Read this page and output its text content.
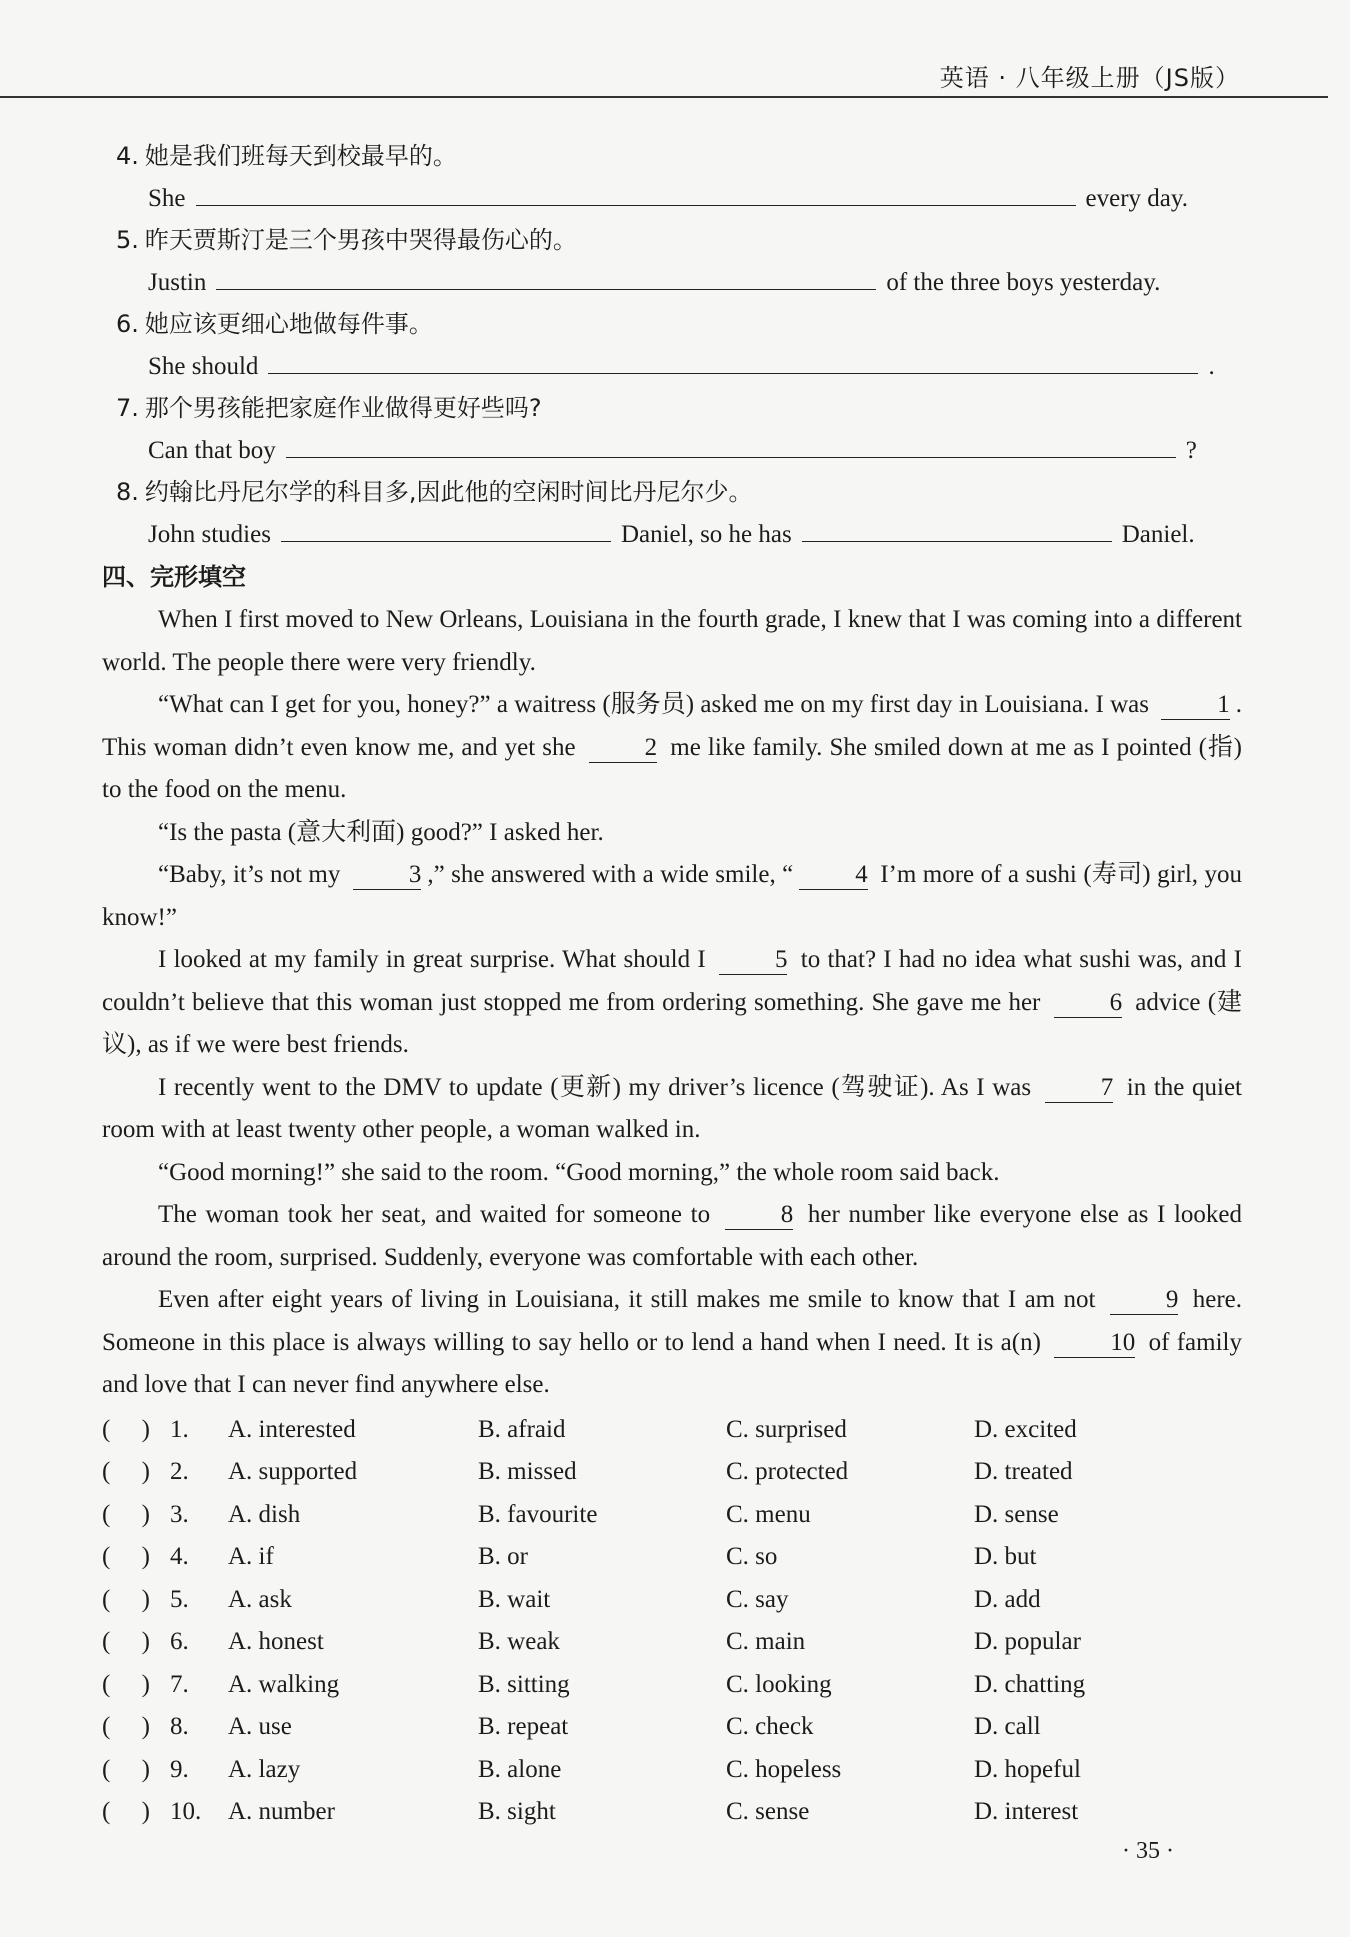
英语 · 八年级上册（JS版）
4. 她是我们班每天到校最早的。
She	every day.
5. 昨天贾斯汀是三个男孩中哭得最伤心的。
Justin	of the three boys yesterday.
6. 她应该更细心地做每件事。
She should	.
7. 那个男孩能把家庭作业做得更好些吗?
Can that boy	?
8. 约翰比丹尼尔学的科目多,因此他的空闲时间比丹尼尔少。
John studies	Daniel, so he has	Daniel.
四、完形填空

When I first moved to New Orleans, Louisiana in the fourth grade, I knew that I was coming into a different world. The people there were very friendly.

“What can I get for you, honey?” a waitress (服务员) asked me on my first day in Louisiana. I was 1 . This woman didn’t even know me, and yet she 2 me like family. She smiled down at me as I pointed (指) to the food on the menu.

“Is the pasta (意大利面) good?” I asked her.

“Baby, it’s not my 3 ,” she answered with a wide smile, “ 4 I’m more of a sushi (寿司) girl, you know!”

I looked at my family in great surprise. What should I 5 to that? I had no idea what sushi was, and I couldn’t believe that this woman just stopped me from ordering something. She gave me her 6 advice (建议), as if we were best friends.

I recently went to the DMV to update (更新) my driver’s licence (驾驶证). As I was 7 in the quiet room with at least twenty other people, a woman walked in.

“Good morning!” she said to the room. “Good morning,” the whole room said back.

The woman took her seat, and waited for someone to 8 her number like everyone else as I looked around the room, surprised. Suddenly, everyone was comfortable with each other.

Even after eight years of living in Louisiana, it still makes me smile to know that I am not 9 here. Someone in this place is always willing to say hello or to lend a hand when I need. It is a(n) 10 of family and love that I can never find anywhere else.

(     ) 1. A. interested	B. afraid	C. surprised	D. excited
(     ) 2. A. supported	B. missed	C. protected	D. treated
(     ) 3. A. dish	B. favourite	C. menu	D. sense
(     ) 4. A. if	B. or	C. so	D. but
(     ) 5. A. ask	B. wait	C. say	D. add
(     ) 6. A. honest	B. weak	C. main	D. popular
(     ) 7. A. walking	B. sitting	C. looking	D. chatting
(     ) 8. A. use	B. repeat	C. check	D. call
(     ) 9. A. lazy	B. alone	C. hopeless	D. hopeful
(     ) 10. A. number	B. sight	C. sense	D. interest
· 35 ·
